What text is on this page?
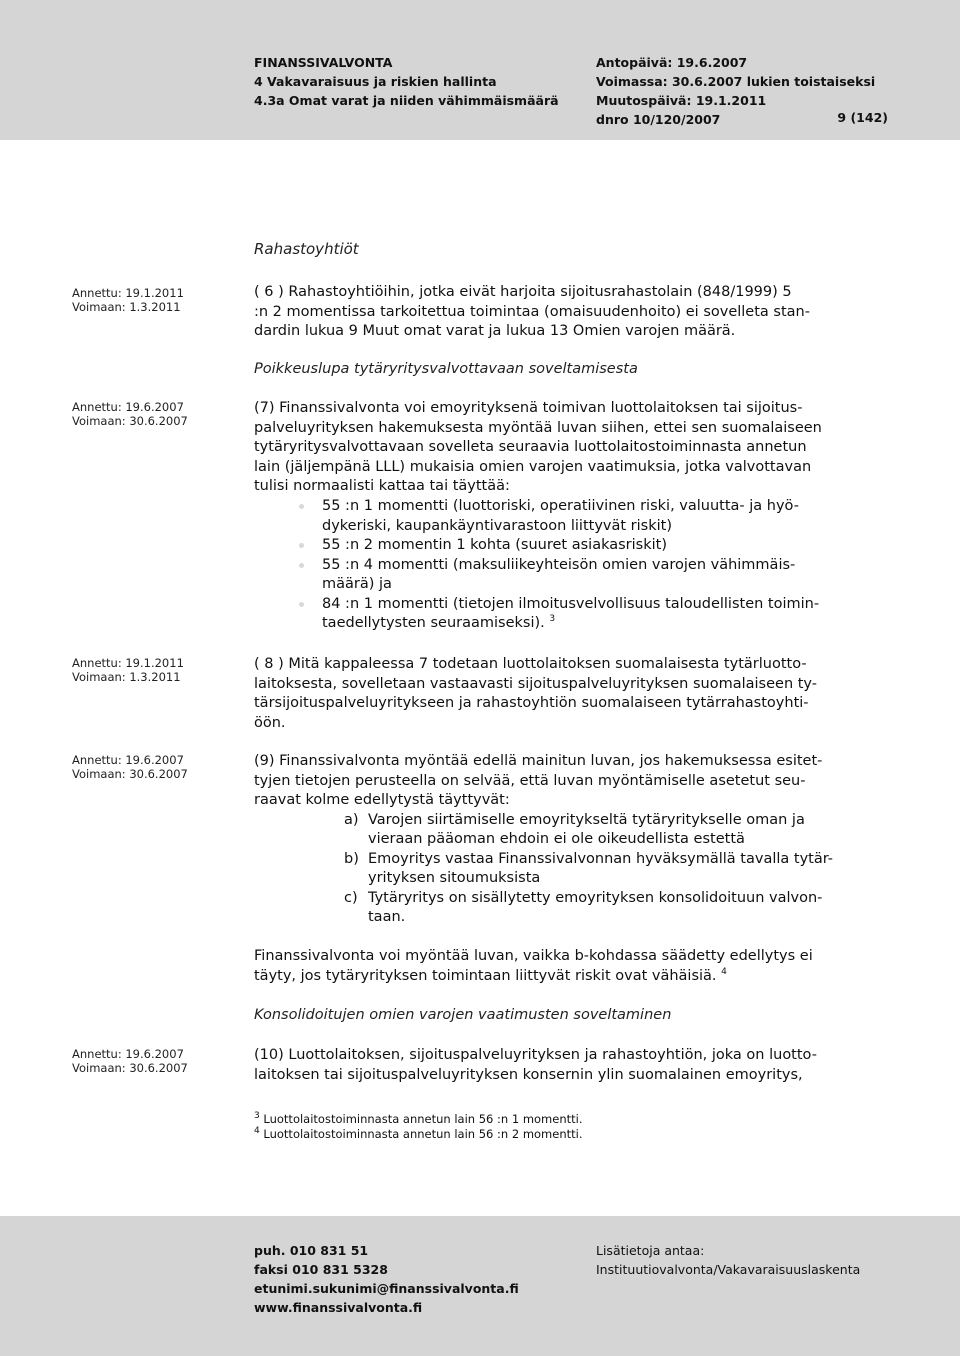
FINANSSIVALVONTA
4 Vakavaraisuus ja riskien hallinta
4.3a Omat varat ja niiden vähimmäismäärä
Antopäivä: 19.6.2007
Voimassa: 30.6.2007 lukien toistaiseksi
Muutospäivä: 19.1.2011
dnro 10/120/2007	9 (142)
Rahastoyhtiöt
Annettu: 19.1.2011
Voimaan: 1.3.2011
Annettu: 19.6.2007
Voimaan: 30.6.2007
Annettu: 19.1.2011
Voimaan: 1.3.2011
Annettu: 19.6.2007
Voimaan: 30.6.2007
Annettu: 19.6.2007
Voimaan: 30.6.2007
( 6 ) Rahastoyhtiöihin, jotka eivät harjoita sijoitusrahastolain (848/1999) 5
:n 2 momentissa tarkoitettua toimintaa (omaisuudenhoito) ei sovelleta stan-
dardin lukua 9 Muut omat varat ja lukua 13 Omien varojen määrä.
Poikkeuslupa tytäryritysvalvottavaan soveltamisesta
(7) Finanssivalvonta voi emoyrityksenä toimivan luottolaitoksen tai sijoitus-
palveluyrityksen hakemuksesta myöntää luvan siihen, ettei sen suomalaiseen
tytäryritysvalvottavaan sovelleta seuraavia luottolaitostoiminnasta annetun
lain (jäljempänä LLL) mukaisia omien varojen vaatimuksia, jotka valvottavan
tulisi normaalisti kattaa tai täyttää:
55 :n 1 momentti (luottoriski, operatiivinen riski, valuutta- ja hyö-
dykeriski, kaupankäyntivarastoon liittyvät riskit)
55 :n 2 momentin 1 kohta (suuret asiakasriskit)
55 :n 4 momentti (maksuliikeyhteisön omien varojen vähimmäis-
määrä) ja
84 :n 1 momentti (tietojen ilmoitusvelvollisuus taloudellisten toimin-
taedellytysten seuraamiseksi). $^3$
( 8 ) Mitä kappaleessa 7 todetaan luottolaitoksen suomalaisesta tytärluotto-
laitoksesta, sovelletaan vastaavasti sijoituspalveluyrityksen suomalaiseen ty-
tärsijoituspalveluyritykseen ja rahastoyhtiön suomalaiseen tytärrahastoyhti-
öön.
(9) Finanssivalvonta myöntää edellä mainitun luvan, jos hakemuksessa esitet-
tyjen tietojen perusteella on selvää, että luvan myöntämiselle asetetut seu-
raavat kolme edellytystä täyttyvät:
a) Varojen siirtämiselle emoyritykseltä tytäryritykselle oman ja
vieraan pääoman ehdoin ei ole oikeudellista estettä
b) Emoyritys vastaa Finanssivalvonnan hyväksymällä tavalla tytär-
yrityksen sitoumuksista
c) Tytäryritys on sisällytetty emoyrityksen konsolidoituun valvon-
taan.
Finanssivalvonta voi myöntää luvan, vaikka b-kohdassa säädetty edellytys ei
täyty, jos tytäryrityksen toimintaan liittyvät riskit ovat vähäisiä. $^4$
Konsolidoitujen omien varojen vaatimusten soveltaminen
(10) Luottolaitoksen, sijoituspalveluyrityksen ja rahastoyhtiön, joka on luotto-
laitoksen tai sijoituspalveluyrityksen konsernin ylin suomalainen emoyritys,
$^3$ Luottolaitostoiminnasta annetun lain 56 :n 1 momentti.
$^4$ Luottolaitostoiminnasta annetun lain 56 :n 2 momentti.
puh. 010 831 51
faksi 010 831 5328
etunimi.sukunimi@finanssivalvonta.fi
www.finanssivalvonta.fi
Lisätietoja antaa:
Instituutiovalvonta/Vakavaraisuuslaskenta
